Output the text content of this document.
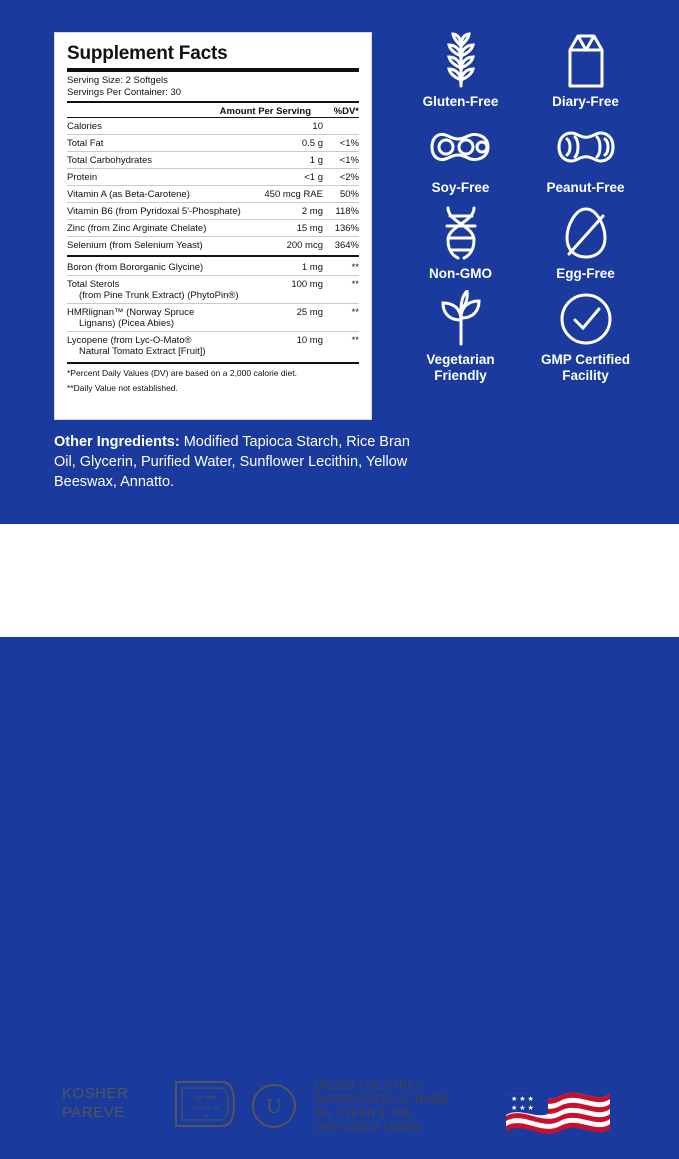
Supplement Facts
Serving Size: 2 Softgels
Servings Per Container: 30
Amount Per Serving	%DV*
Calories	10	
Total Fat	0.5 g	<1%
Total Carbohydrates	1 g	<1%
Protein	<1 g	<2%
Vitamin A (as Beta-Carotene)	450 mcg RAE	50%
Vitamin B6 (from Pyridoxal 5'-Phosphate)	2 mg	118%
Zinc (from Zinc Arginate Chelate)	15 mg	136%
Selenium (from Selenium Yeast)	200 mcg	364%
Boron (from Bororganic Glycine)	1 mg	**
Total Sterols
(from Pine Trunk Extract) (PhytoPin®)	100 mg	**
HMRlignan™ (Norway Spruce
Lignans) (Picea Abies)	25 mg	**
Lycopene (from Lyc-O-Mato®
Natural Tomato Extract [Fruit])	10 mg	**
*Percent Daily Values (DV) are based on a 2,000 calorie diet.
**Daily Value not established.
Other Ingredients: Modified Tapioca Starch, Rice Bran Oil, Glycerin, Purified Water, Sunflower Lecithin, Yellow Beeswax, Annatto.
Gluten-Free	Diary-Free
Soy-Free	Peanut-Free
Non-GMO	Egg-Free
Vegetarian
Friendly
GMP Certified
Facility
KOSHER
PAREVE
שומר שבת
בד״ץ מהדרין
כשר	U
UNDER THE STRICT SUPERVISION OF RABBI SH. STERN & THE ORTHODOX UNION
★ ★ ★
★ ★ ★
MADE IN
THE USA
